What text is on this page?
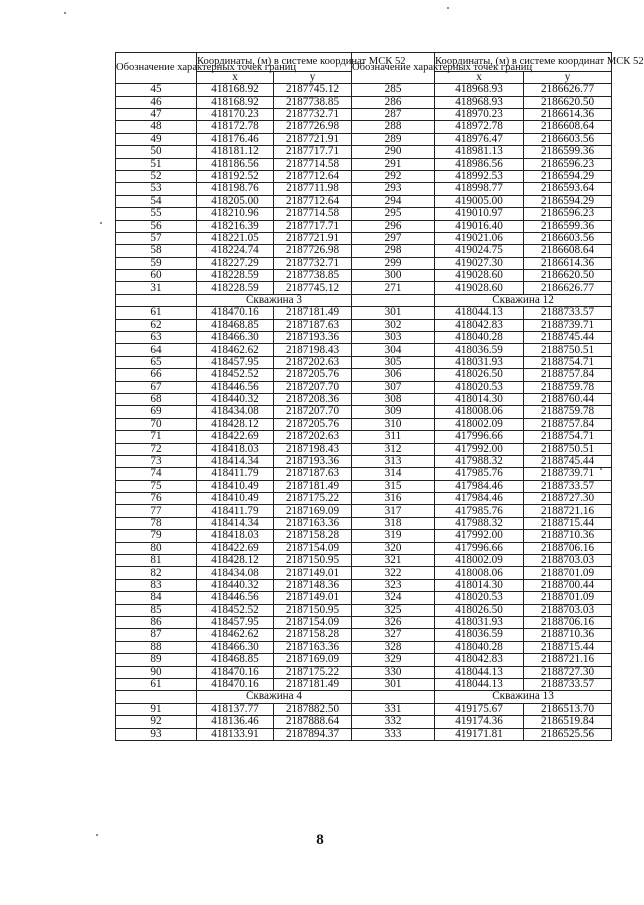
Обозначение характерных точек границ	Координаты, (м) в системе координат МСК 52		Обозначение характерных точек границ	Координаты, (м) в системе координат МСК 52	
	x	y		x	y
45	418168.92	2187745.12	285	418968.93	2186626.77
46	418168.92	2187738.85	286	418968.93	2186620.50
47	418170.23	2187732.71	287	418970.23	2186614.36
48	418172.78	2187726.98	288	418972.78	2186608.64
49	418176.46	2187721.91	289	418976.47	2186603.56
50	418181.12	2187717.71	290	418981.13	2186599.36
51	418186.56	2187714.58	291	418986.56	2186596.23
52	418192.52	2187712.64	292	418992.53	2186594.29
53	418198.76	2187711.98	293	418998.77	2186593.64
54	418205.00	2187712.64	294	419005.00	2186594.29
55	418210.96	2187714.58	295	419010.97	2186596.23
56	418216.39	2187717.71	296	419016.40	2186599.36
57	418221.05	2187721.91	297	419021.06	2186603.56
58	418224.74	2187726.98	298	419024.75	2186608.64
59	418227.29	2187732.71	299	419027.30	2186614.36
60	418228.59	2187738.85	300	419028.60	2186620.50
31	418228.59	2187745.12	271	419028.60	2186626.77
	Скважина 3			Скважина 12	
61	418470.16	2187181.49	301	418044.13	2188733.57
62	418468.85	2187187.63	302	418042.83	2188739.71
63	418466.30	2187193.36	303	418040.28	2188745.44
64	418462.62	2187198.43	304	418036.59	2188750.51
65	418457.95	2187202.63	305	418031.93	2188754.71
66	418452.52	2187205.76	306	418026.50	2188757.84
67	418446.56	2187207.70	307	418020.53	2188759.78
68	418440.32	2187208.36	308	418014.30	2188760.44
69	418434.08	2187207.70	309	418008.06	2188759.78
70	418428.12	2187205.76	310	418002.09	2188757.84
71	418422.69	2187202.63	311	417996.66	2188754.71
72	418418.03	2187198.43	312	417992.00	2188750.51
73	418414.34	2187193.36	313	417988.32	2188745.44
74	418411.79	2187187.63	314	417985.76	2188739.71
75	418410.49	2187181.49	315	417984.46	2188733.57
76	418410.49	2187175.22	316	417984.46	2188727.30
77	418411.79	2187169.09	317	417985.76	2188721.16
78	418414.34	2187163.36	318	417988.32	2188715.44
79	418418.03	2187158.28	319	417992.00	2188710.36
80	418422.69	2187154.09	320	417996.66	2188706.16
81	418428.12	2187150.95	321	418002.09	2188703.03
82	418434.08	2187149.01	322	418008.06	2188701.09
83	418440.32	2187148.36	323	418014.30	2188700.44
84	418446.56	2187149.01	324	418020.53	2188701.09
85	418452.52	2187150.95	325	418026.50	2188703.03
86	418457.95	2187154.09	326	418031.93	2188706.16
87	418462.62	2187158.28	327	418036.59	2188710.36
88	418466.30	2187163.36	328	418040.28	2188715.44
89	418468.85	2187169.09	329	418042.83	2188721.16
90	418470.16	2187175.22	330	418044.13	2188727.30
61	418470.16	2187181.49	301	418044.13	2188733.57
	Скважина 4			Скважина 13	
91	418137.77	2187882.50	331	419175.67	2186513.70
92	418136.46	2187888.64	332	419174.36	2186519.84
93	418133.91	2187894.37	333	419171.81	2186525.56
8
